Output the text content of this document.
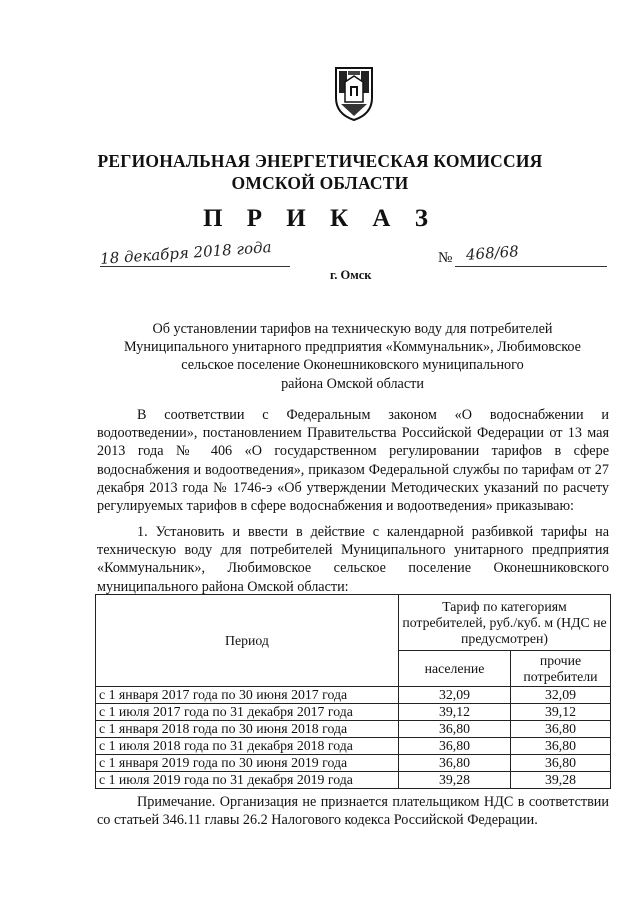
РЕГИОНАЛЬНАЯ ЭНЕРГЕТИЧЕСКАЯ КОМИССИЯ
ОМСКОЙ ОБЛАСТИ
П Р И К А З
18 декабря 2018 года	№ 468/68
г. Омск
Об установлении тарифов на техническую воду для потребителей
Муниципального унитарного предприятия «Коммунальник», Любимовское
сельское поселение Оконешниковского муниципального
района Омской области
В соответствии с Федеральным законом «О водоснабжении и водоотведении», постановлением Правительства Российской Федерации от 13 мая 2013 года № 406 «О государственном регулировании тарифов в сфере водоснабжения и водоотведения», приказом Федеральной службы по тарифам от 27 декабря 2013 года № 1746-э «Об утверждении Методических указаний по расчету регулируемых тарифов в сфере водоснабжения и водоотведения» приказываю:
1. Установить и ввести в действие с календарной разбивкой тарифы на техническую воду для потребителей Муниципального унитарного предприятия «Коммунальник», Любимовское сельское поселение Оконешниковского муниципального района Омской области:
Период	Тариф по категориям потребителей, руб./куб. м (НДС не предусмотрен)	
	население	прочие потребители
с 1 января 2017 года по 30 июня 2017 года	32,09	32,09
с 1 июля 2017 года по 31 декабря 2017 года	39,12	39,12
с 1 января 2018 года по 30 июня 2018 года	36,80	36,80
с 1 июля 2018 года по 31 декабря 2018 года	36,80	36,80
с 1 января 2019 года по 30 июня 2019 года	36,80	36,80
с 1 июля 2019 года по 31 декабря 2019 года	39,28	39,28
Примечание. Организация не признается плательщиком НДС в соответствии со статьей 346.11 главы 26.2 Налогового кодекса Российской Федерации.
